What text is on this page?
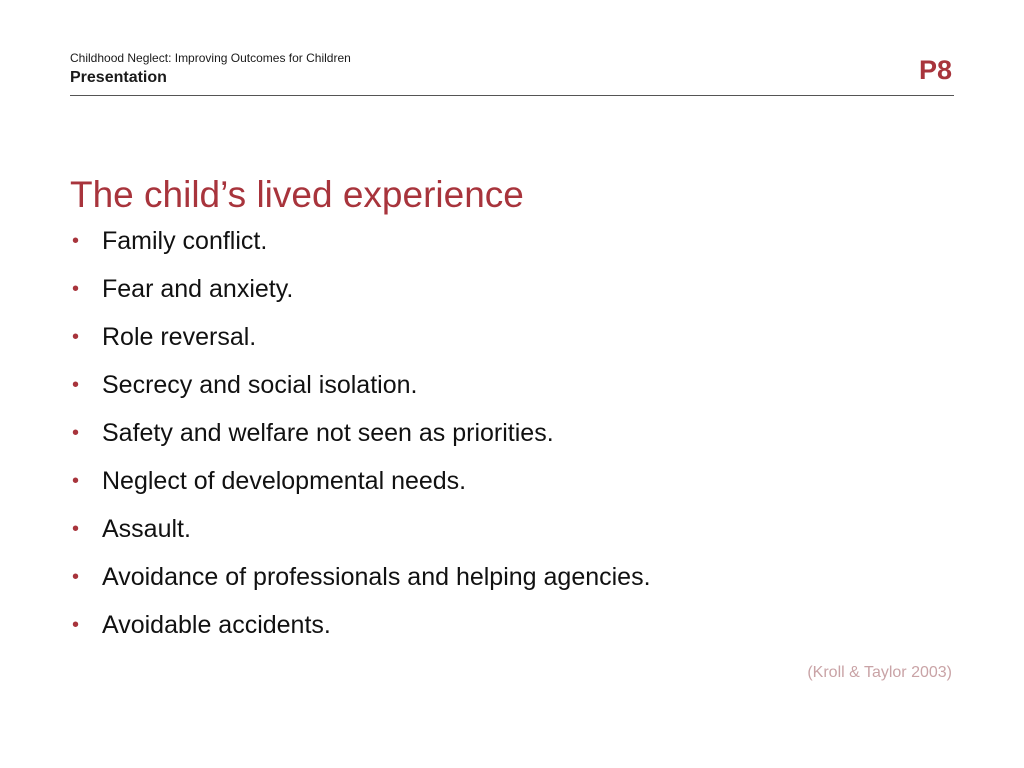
Childhood Neglect: Improving Outcomes for Children
Presentation	P8
The child’s lived experience
• Family conflict.
• Fear and anxiety.
• Role reversal.
• Secrecy and social isolation.
• Safety and welfare not seen as priorities.
• Neglect of developmental needs.
• Assault.
• Avoidance of professionals and helping agencies.
• Avoidable accidents.
(Kroll & Taylor 2003)
